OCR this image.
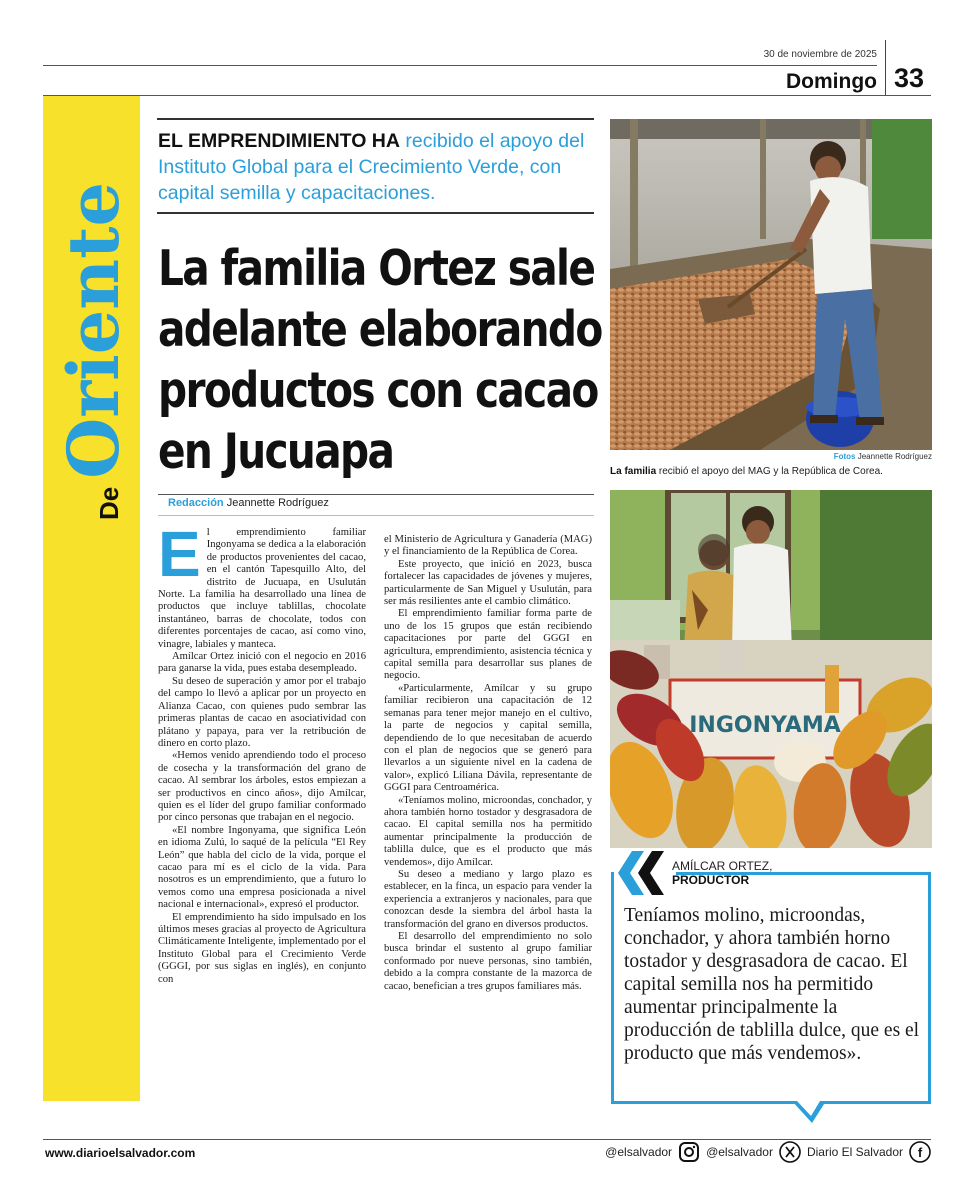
30 de noviembre de 2025
Domingo 33
DeOriente
EL EMPRENDIMIENTO HA recibido el apoyo del Instituto Global para el Crecimiento Verde, con capital semilla y capacitaciones.
La familia Ortez sale adelante elaborando productos con cacao en Jucuapa
Redacción Jeannette Rodríguez

El emprendimiento familiar Ingonyama se dedica a la elaboración de productos provenientes del cacao, en el cantón Tapesquillo Alto, del distrito de Jucuapa, en Usulután Norte. La familia ha desarrollado una línea de productos que incluye tablillas, chocolate instantáneo, barras de chocolate, todos con diferentes porcentajes de cacao, así como vino, vinagre, labiales y manteca.

Amílcar Ortez inició con el negocio en 2016 para ganarse la vida, pues estaba desempleado.

Su deseo de superación y amor por el trabajo del campo lo llevó a aplicar por un proyecto en Alianza Cacao, con quienes pudo sembrar las primeras plantas de cacao en asociatividad con plátano y papaya, para ver la retribución de dinero en corto plazo.

«Hemos venido aprendiendo todo el proceso de cosecha y la transformación del grano de cacao. Al sembrar los árboles, estos empiezan a ser productivos en cinco años», dijo Amílcar, quien es el líder del grupo familiar conformado por cinco personas que trabajan en el negocio.

«El nombre Ingonyama, que significa León en idioma Zulú, lo saqué de la película “El Rey León” que habla del ciclo de la vida, porque el cacao para mí es el ciclo de la vida. Para nosotros es un emprendimiento, que a futuro lo vemos como una empresa posicionada a nivel nacional e internacional», expresó el productor.

El emprendimiento ha sido impulsado en los últimos meses gracias al proyecto de Agricultura Climáticamente Inteligente, implementado por el Instituto Global para el Crecimiento Verde (GGGI, por sus siglas en inglés), en conjunto con

el Ministerio de Agricultura y Ganadería (MAG) y el financiamiento de la República de Corea.

Este proyecto, que inició en 2023, busca fortalecer las capacidades de jóvenes y mujeres, particularmente de San Miguel y Usulután, para ser más resilientes ante el cambio climático.

El emprendimiento familiar forma parte de uno de los 15 grupos que están recibiendo capacitaciones por parte del GGGI en agricultura, emprendimiento, asistencia técnica y capital semilla para desarrollar sus planes de negocio.

«Particularmente, Amílcar y su grupo familiar recibieron una capacitación de 12 semanas para tener mejor manejo en el cultivo, la parte de negocios y capital semilla, dependiendo de lo que necesitaban de acuerdo con el plan de negocios que se generó para llevarlos a un siguiente nivel en la cadena de valor», explicó Liliana Dávila, representante de GGGI para Centroamérica.

«Teníamos molino, microondas, conchador, y ahora también horno tostador y desgrasadora de cacao. El capital semilla nos ha permitido aumentar principalmente la producción de tablilla dulce, que es el producto que más vendemos», dijo Amílcar.

Su deseo a mediano y largo plazo es establecer, en la finca, un espacio para vender la experiencia a extranjeros y nacionales, para que conozcan desde la siembra del árbol hasta la transformación del grano en diversos productos.

El desarrollo del emprendimiento no solo busca brindar el sustento al grupo familiar conformado por nueve personas, sino también, debido a la compra constante de la mazorca de cacao, benefician a tres grupos familiares más.

Fotos Jeannette Rodríguez
La familia recibió el apoyo del MAG y la República de Corea.
INGONYAMA
AMÍLCAR ORTEZ,
PRODUCTOR
Teníamos molino, microondas, conchador, y ahora también horno tostador y desgrasadora de cacao. El capital semilla nos ha permitido aumentar principalmente la producción de tablilla dulce, que es el producto que más vendemos».
www.diarioelsalvador.com	@elsalvador	@elsalvador	Diario El Salvador f
